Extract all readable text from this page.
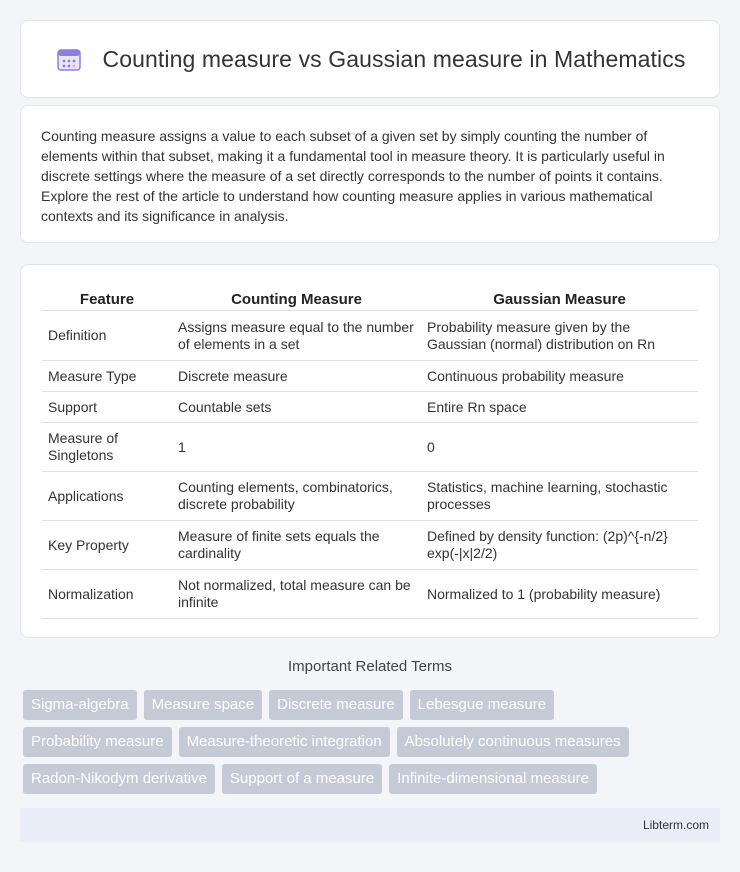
Counting measure vs Gaussian measure in Mathematics

Counting measure assigns a value to each subset of a given set by simply counting the number of elements within that subset, making it a fundamental tool in measure theory. It is particularly useful in discrete settings where the measure of a set directly corresponds to the number of points it contains. Explore the rest of the article to understand how counting measure applies in various mathematical contexts and its significance in analysis.

Feature	Counting Measure	Gaussian Measure
Definition	Assigns measure equal to the number of elements in a set	Probability measure given by the Gaussian (normal) distribution on Rn
Measure Type	Discrete measure	Continuous probability measure
Support	Countable sets	Entire Rn space
Measure of Singletons	1	0
Applications	Counting elements, combinatorics, discrete probability	Statistics, machine learning, stochastic processes
Key Property	Measure of finite sets equals the cardinality	Defined by density function: (2p)^{-n/2} exp(-|x|2/2)
Normalization	Not normalized, total measure can be infinite	Normalized to 1 (probability measure)
Important Related Terms
Sigma-algebra	Measure space	Discrete measure	Lebesgue measure
Probability measure	Measure-theoretic integration	Absolutely continuous measures
Radon-Nikodym derivative	Support of a measure	Infinite-dimensional measure
Libterm.com
